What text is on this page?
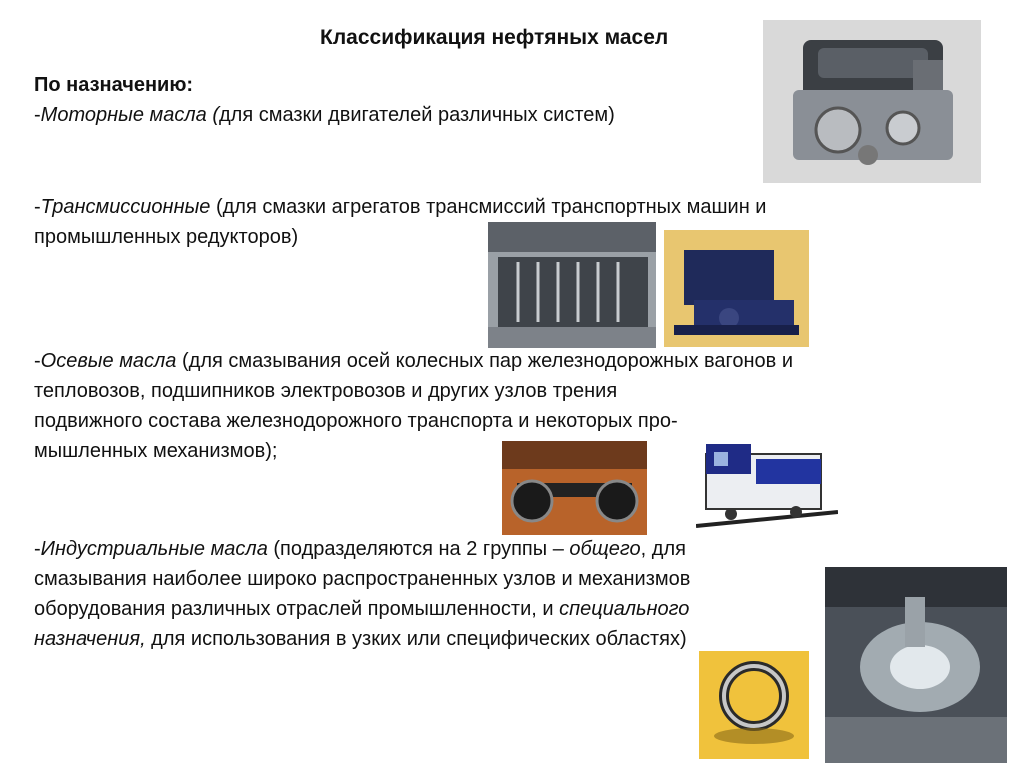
Классификация нефтяных масел
По назначению:
-Моторные масла (для смазки двигателей различных систем)
-Трансмиссионные (для смазки агрегатов трансмиссий транспортных машин и
промышленных редукторов)
-Осевые масла (для смазывания осей колесных пар железнодорожных вагонов и
тепловозов, подшипников электровозов и других узлов трения
подвижного состава железнодорожного транспорта и некоторых про-
мышленных механизмов);
-Индустриальные масла (подразделяются на 2 группы – общего, для
смазывания наиболее широко распространенных узлов и механизмов
оборудования различных отраслей промышленности, и специального
назначения, для использования в узких или специфических областях)
